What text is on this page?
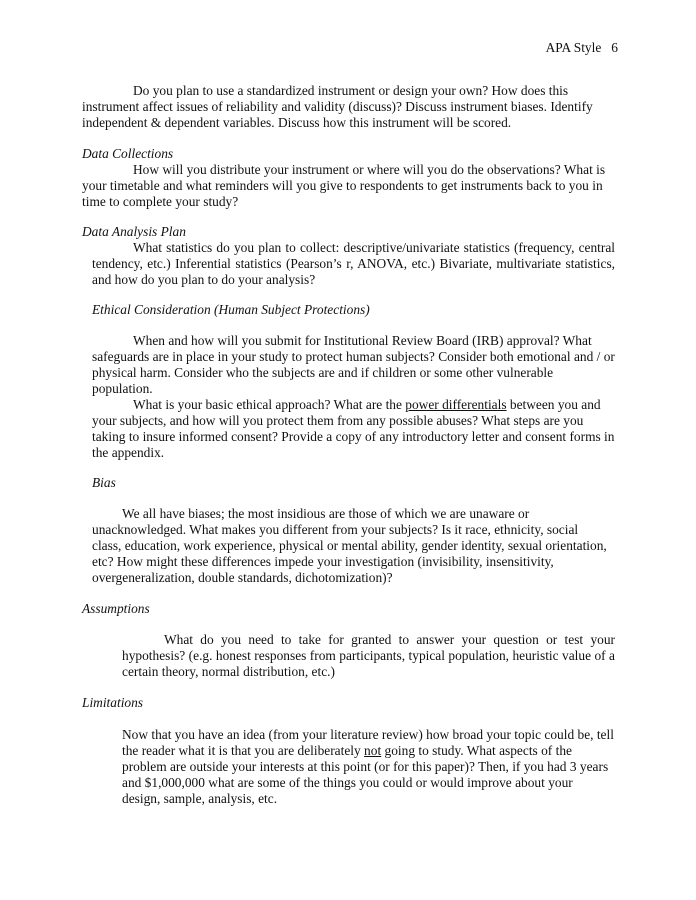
APA Style 6

Do you plan to use a standardized instrument or design your own? How does this instrument affect issues of reliability and validity (discuss)? Discuss instrument biases. Identify independent & dependent variables. Discuss how this instrument will be scored.

Data Collections

How will you distribute your instrument or where will you do the observations? What is your timetable and what reminders will you give to respondents to get instruments back to you in time to complete your study?

Data Analysis Plan

What statistics do you plan to collect: descriptive/univariate statistics (frequency, central tendency, etc.) Inferential statistics (Pearson’s r, ANOVA, etc.) Bivariate, multivariate statistics, and how do you plan to do your analysis?

Ethical Consideration (Human Subject Protections)

When and how will you submit for Institutional Review Board (IRB) approval? What safeguards are in place in your study to protect human subjects? Consider both emotional and / or physical harm. Consider who the subjects are and if children or some other vulnerable population.

What is your basic ethical approach? What are the power differentials between you and your subjects, and how will you protect them from any possible abuses? What steps are you taking to insure informed consent? Provide a copy of any introductory letter and consent forms in the appendix.

Bias

We all have biases; the most insidious are those of which we are unaware or unacknowledged. What makes you different from your subjects? Is it race, ethnicity, social class, education, work experience, physical or mental ability, gender identity, sexual orientation, etc? How might these differences impede your investigation (invisibility, insensitivity, overgeneralization, double standards, dichotomization)?

Assumptions

What do you need to take for granted to answer your question or test your hypothesis? (e.g. honest responses from participants, typical population, heuristic value of a certain theory, normal distribution, etc.)

Limitations

Now that you have an idea (from your literature review) how broad your topic could be, tell the reader what it is that you are deliberately not going to study. What aspects of the problem are outside your interests at this point (or for this paper)? Then, if you had 3 years and $1,000,000 what are some of the things you could or would improve about your design, sample, analysis, etc.
